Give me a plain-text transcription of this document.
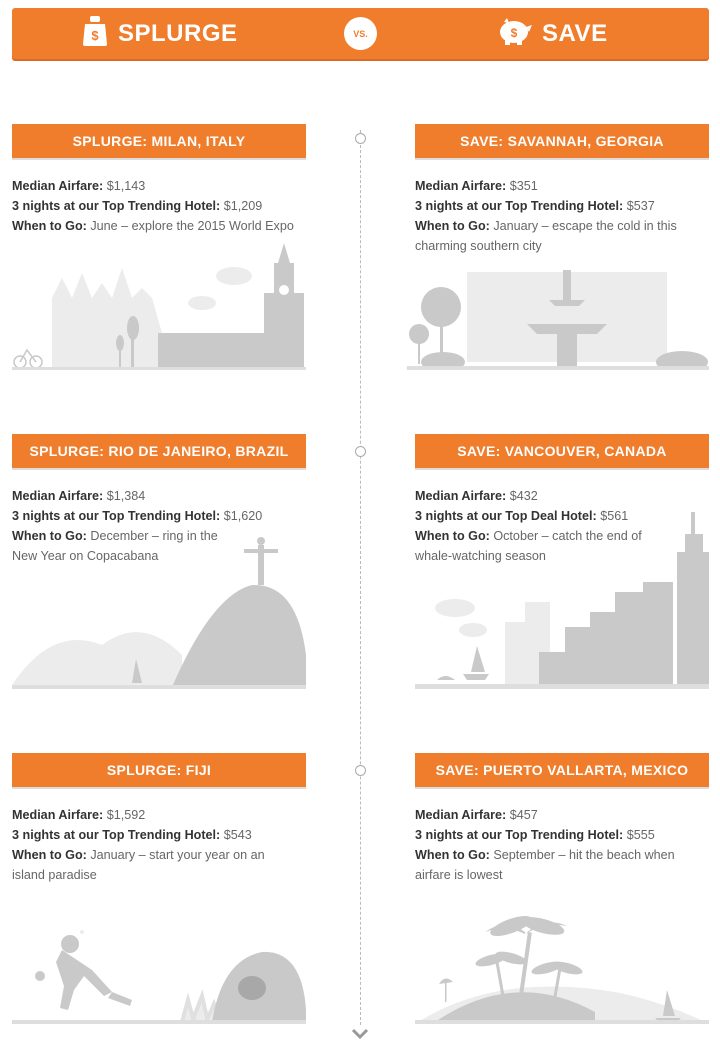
$ SPLURGE	VS.	$ SAVE
SPLURGE: MILAN, ITALY

Median Airfare: $1,143

3 nights at our Top Trending Hotel: $1,209

When to Go: June – explore the 2015 World Expo

SAVE: SAVANNAH, GEORGIA

Median Airfare: $351

3 nights at our Top Trending Hotel: $537

When to Go: January – escape the cold in this charming southern city

SPLURGE: RIO DE JANEIRO, BRAZIL

Median Airfare: $1,384

3 nights at our Top Trending Hotel: $1,620

When to Go: December – ring in the New Year on Copacabana

SAVE: VANCOUVER, CANADA

Median Airfare: $432

3 nights at our Top Deal Hotel: $561

When to Go: October – catch the end of whale-watching season

SPLURGE: FIJI

Median Airfare: $1,592

3 nights at our Top Trending Hotel: $543

When to Go: January – start your year on an island paradise

SAVE: PUERTO VALLARTA, MEXICO

Median Airfare: $457

3 nights at our Top Trending Hotel: $555

When to Go: September – hit the beach when airfare is lowest
